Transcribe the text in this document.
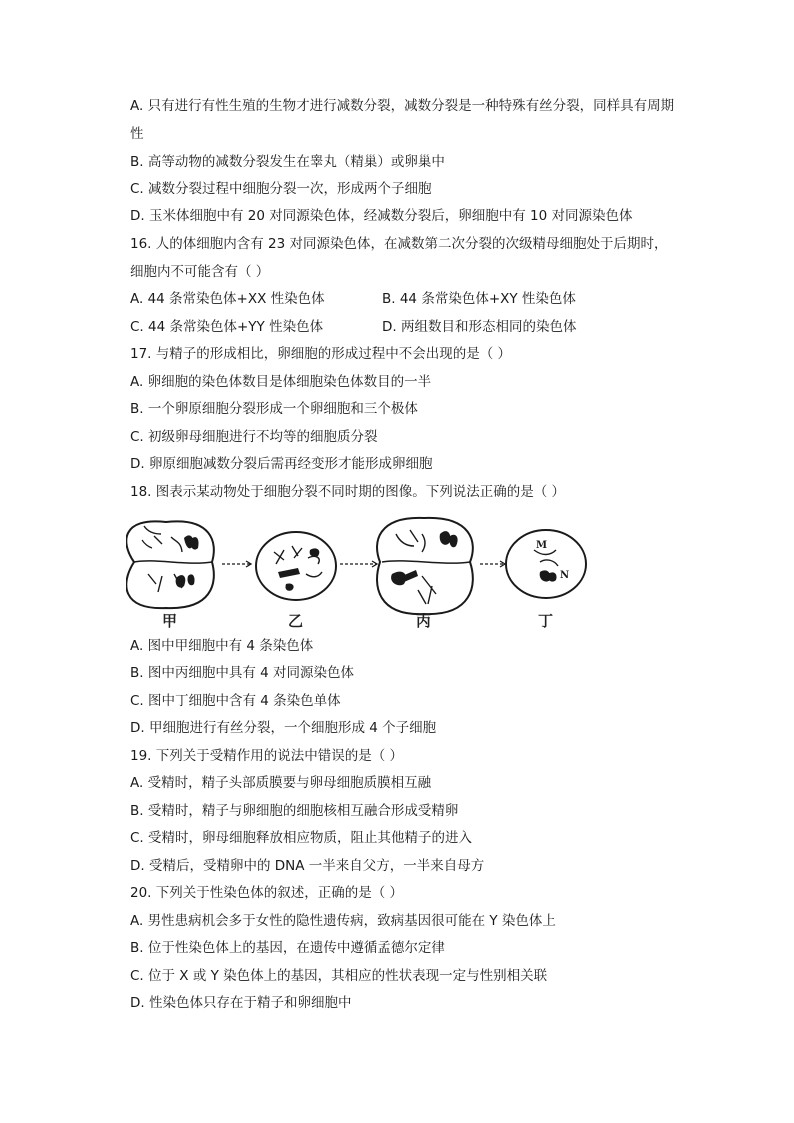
A. 只有进行有性生殖的生物才进行减数分裂，减数分裂是一种特殊有丝分裂，同样具有周期
性
B. 高等动物的减数分裂发生在睾丸（精巢）或卵巢中
C. 减数分裂过程中细胞分裂一次，形成两个子细胞
D. 玉米体细胞中有 20 对同源染色体，经减数分裂后，卵细胞中有 10 对同源染色体
16. 人的体细胞内含有 23 对同源染色体，在减数第二次分裂的次级精母细胞处于后期时，
细胞内不可能含有（ ）
A. 44 条常染色体+XX 性染色体	B. 44 条常染色体+XY 性染色体
C. 44 条常染色体+YY 性染色体	D. 两组数目和形态相同的染色体
17. 与精子的形成相比，卵细胞的形成过程中不会出现的是（ ）
A. 卵细胞的染色体数目是体细胞染色体数目的一半
B. 一个卵原细胞分裂形成一个卵细胞和三个极体
C. 初级卵母细胞进行不均等的细胞质分裂
D. 卵原细胞减数分裂后需再经变形才能形成卵细胞
18. 图表示某动物处于细胞分裂不同时期的图像。下列说法正确的是（ ）
M
N
甲	乙	丙	丁
A. 图中甲细胞中有 4 条染色体
B. 图中丙细胞中具有 4 对同源染色体
C. 图中丁细胞中含有 4 条染色单体
D. 甲细胞进行有丝分裂，一个细胞形成 4 个子细胞
19. 下列关于受精作用的说法中错误的是（ ）
A. 受精时，精子头部质膜要与卵母细胞质膜相互融
B. 受精时，精子与卵细胞的细胞核相互融合形成受精卵
C. 受精时，卵母细胞释放相应物质，阻止其他精子的进入
D. 受精后，受精卵中的 DNA 一半来自父方，一半来自母方
20. 下列关于性染色体的叙述，正确的是（ ）
A. 男性患病机会多于女性的隐性遗传病，致病基因很可能在 Y 染色体上
B. 位于性染色体上的基因，在遗传中遵循孟德尔定律
C. 位于 X 或 Y 染色体上的基因，其相应的性状表现一定与性别相关联
D. 性染色体只存在于精子和卵细胞中
